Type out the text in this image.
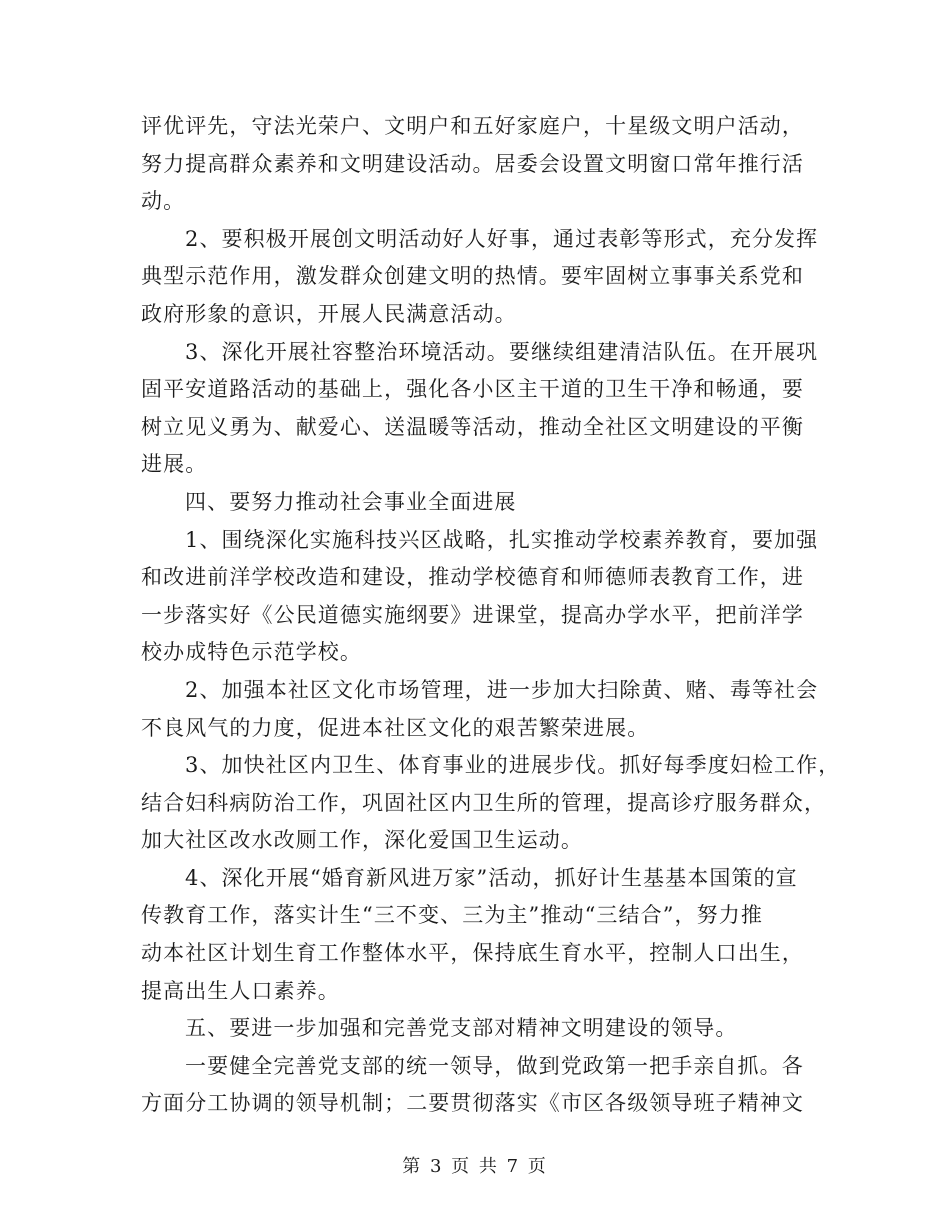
评优评先，守法光荣户、文明户和五好家庭户，十星级文明户活动，
努力提高群众素养和文明建设活动。居委会设置文明窗口常年推行活
动。
2、要积极开展创文明活动好人好事，通过表彰等形式，充分发挥
典型示范作用，激发群众创建文明的热情。要牢固树立事事关系党和
政府形象的意识，开展人民满意活动。
3、深化开展社容整治环境活动。要继续组建清洁队伍。在开展巩
固平安道路活动的基础上，强化各小区主干道的卫生干净和畅通，要
树立见义勇为、献爱心、送温暖等活动，推动全社区文明建设的平衡
进展。
四、要努力推动社会事业全面进展
1、围绕深化实施科技兴区战略，扎实推动学校素养教育，要加强
和改进前洋学校改造和建设，推动学校德育和师德师表教育工作，进
一步落实好《公民道德实施纲要》进课堂，提高办学水平，把前洋学
校办成特色示范学校。
2、加强本社区文化市场管理，进一步加大扫除黄、赌、毒等社会
不良风气的力度，促进本社区文化的艰苦繁荣进展。
3、加快社区内卫生、体育事业的进展步伐。抓好每季度妇检工作，
结合妇科病防治工作，巩固社区内卫生所的管理，提高诊疗服务群众，
加大社区改水改厕工作，深化爱国卫生运动。
4、深化开展“婚育新风进万家”活动，抓好计生基基本国策的宣
传教育工作，落实计生“三不变、三为主”推动“三结合”，努力推
动本社区计划生育工作整体水平，保持底生育水平，控制人口出生，
提高出生人口素养。
五、要进一步加强和完善党支部对精神文明建设的领导。
一要健全完善党支部的统一领导，做到党政第一把手亲自抓。各
方面分工协调的领导机制；二要贯彻落实《市区各级领导班子精神文
第 3 页 共 7 页
